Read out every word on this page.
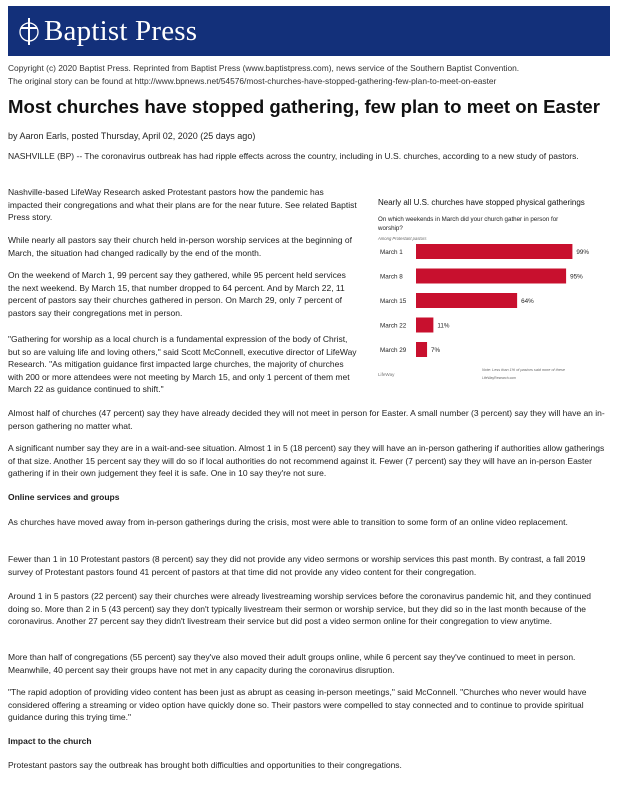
Baptist Press
Copyright (c) 2020 Baptist Press. Reprinted from Baptist Press (www.baptistpress.com), news service of the Southern Baptist Convention.
The original story can be found at http://www.bpnews.net/54576/most-churches-have-stopped-gathering-few-plan-to-meet-on-easter
Most churches have stopped gathering, few plan to meet on Easter
by Aaron Earls, posted Thursday, April 02, 2020 (25 days ago)

NASHVILLE (BP) -- The coronavirus outbreak has had ripple effects across the country, including in U.S. churches, according to a new study of pastors.

Nashville-based LifeWay Research asked Protestant pastors how the pandemic has impacted their congregations and what their plans are for the near future. See related Baptist Press story.

While nearly all pastors say their church held in-person worship services at the beginning of March, the situation had changed radically by the end of the month.

On the weekend of March 1, 99 percent say they gathered, while 95 percent held services the next weekend. By March 15, that number dropped to 64 percent. And by March 22, 11 percent of pastors say their churches gathered in person. On March 29, only 7 percent of pastors say their congregations met in person.

"Gathering for worship as a local church is a fundamental expression of the body of Christ, but so are valuing life and loving others," said Scott McConnell, executive director of LifeWay Research. "As mitigation guidance first impacted large churches, the majority of churches with 200 or more attendees were not meeting by March 15, and only 1 percent of them met March 22 as guidance continued to shift."

Almost half of churches (47 percent) say they have already decided they will not meet in person for Easter. A small number (3 percent) say they will have an in-person gathering no matter what.

A significant number say they are in a wait-and-see situation. Almost 1 in 5 (18 percent) say they will have an in-person gathering if authorities allow gatherings of that size. Another 15 percent say they will do so if local authorities do not recommend against it. Fewer (7 percent) say they will have an in-person Easter gathering if in their own judgement they feel it is safe. One in 10 say they're not sure.

Online services and groups

As churches have moved away from in-person gatherings during the crisis, most were able to transition to some form of an online video replacement.

Fewer than 1 in 10 Protestant pastors (8 percent) say they did not provide any video sermons or worship services this past month. By contrast, a fall 2019 survey of Protestant pastors found 41 percent of pastors at that time did not provide any video content for their congregation.

Around 1 in 5 pastors (22 percent) say their churches were already livestreaming worship services before the coronavirus pandemic hit, and they continued doing so. More than 2 in 5 (43 percent) say they don't typically livestream their sermon or worship service, but they did so in the last month because of the coronavirus. Another 27 percent say they didn't livestream their service but did post a video sermon online for their congregation to view anytime.

More than half of congregations (55 percent) say they've also moved their adult groups online, while 6 percent say they've continued to meet in person. Meanwhile, 40 percent say their groups have not met in any capacity during the coronavirus disruption.

"The rapid adoption of providing video content has been just as abrupt as ceasing in-person meetings," said McConnell. "Churches who never would have considered offering a streaming or video option have quickly done so. Their pastors were compelled to stay connected and to continue to provide spiritual guidance during this trying time."

Impact to the church

Protestant pastors say the outbreak has brought both difficulties and opportunities to their congregations.

Nearly all U.S. churches have stopped physical gatherings
On which weekends in March did your church gather in person for worship?
Among Protestant pastors
March 1	99%
March 8	95%
March 15	64%
March 22	11%
March 29	7%
LifeWay
Note: Less than 1% of pastors said none of these
LifeWayResearch.com
